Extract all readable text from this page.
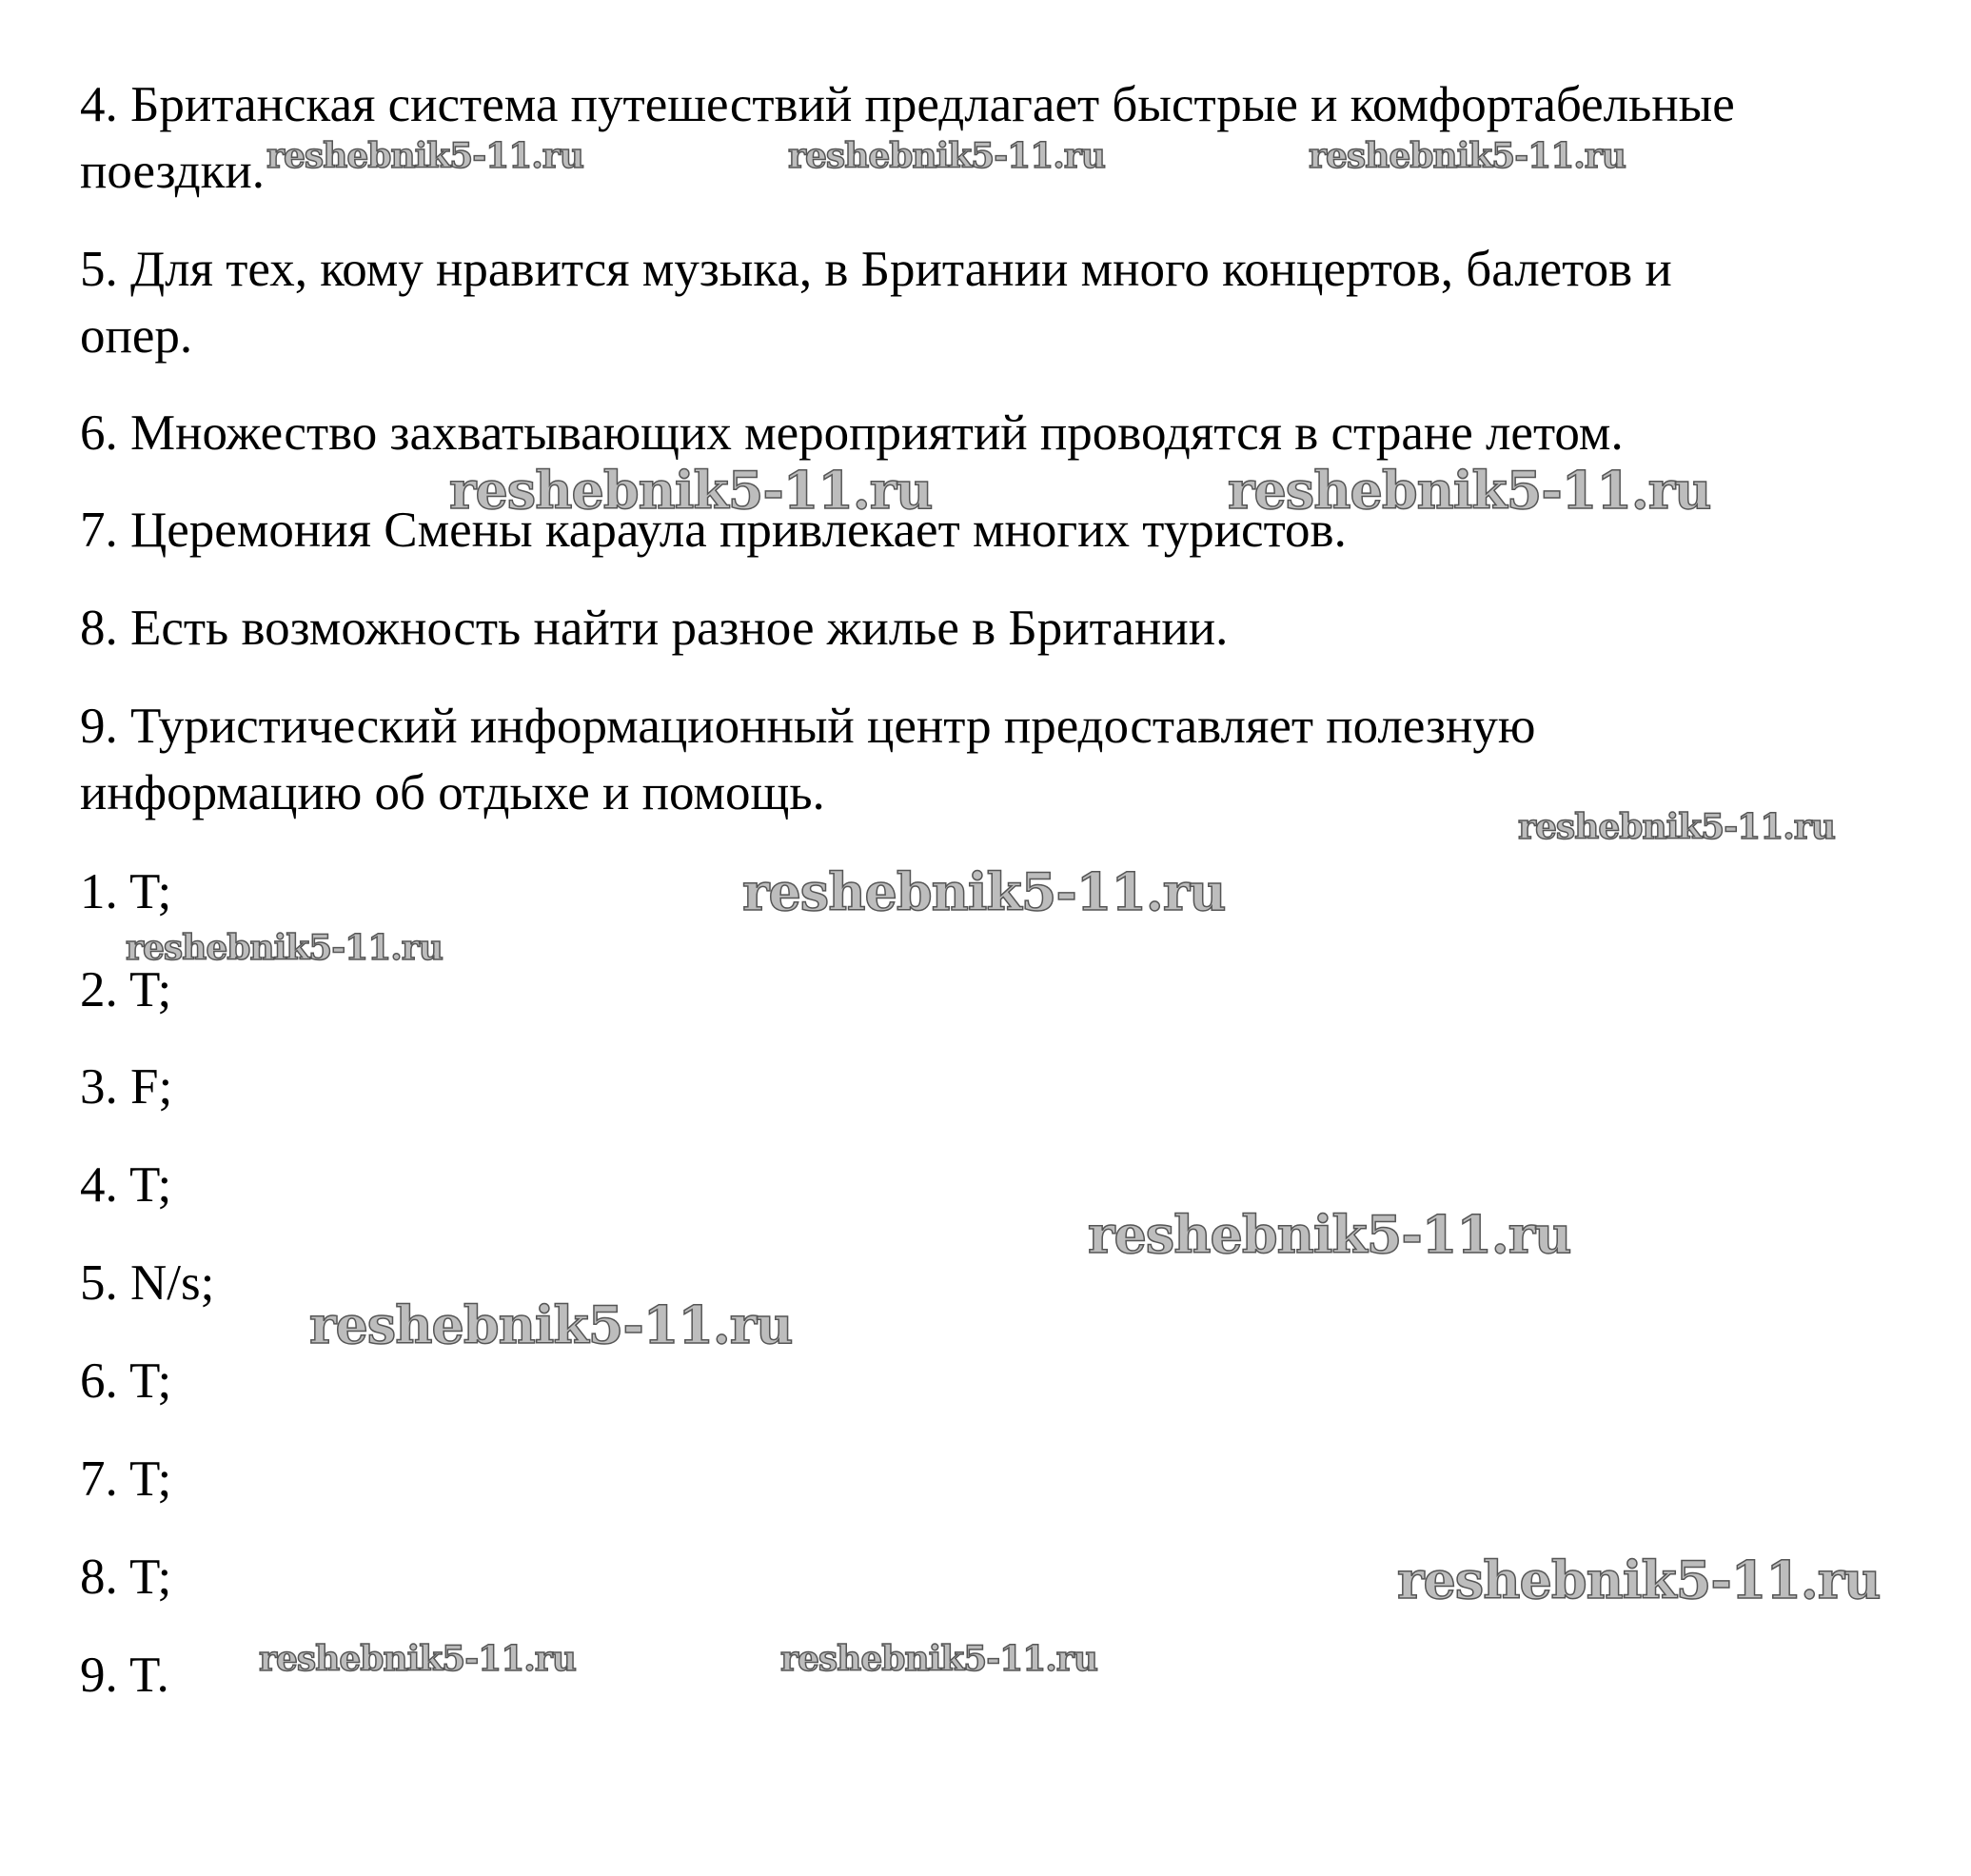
4. Британская система путешествий предлагает быстрые и комфортабельные

поездки.

5. Для тех, кому нравится музыка, в Британии много концертов, балетов и

опер.

6. Множество захватывающих мероприятий проводятся в стране летом.

7. Церемония Смены караула привлекает многих туристов.

8. Есть возможность найти разное жилье в Британии.

9. Туристический информационный центр предоставляет полезную

информацию об отдыхе и помощь.

1. T;

2. T;

3. F;

4. T;

5. N/s;

6. T;

7. T;

8. T;

9. T.

reshebnik5-11.ru	reshebnik5-11.ru	reshebnik5-11.ru
reshebnik5-11.ru	reshebnik5-11.ru
reshebnik5-11.ru
reshebnik5-11.ru
reshebnik5-11.ru
reshebnik5-11.ru
reshebnik5-11.ru
reshebnik5-11.ru
reshebnik5-11.ru	reshebnik5-11.ru
